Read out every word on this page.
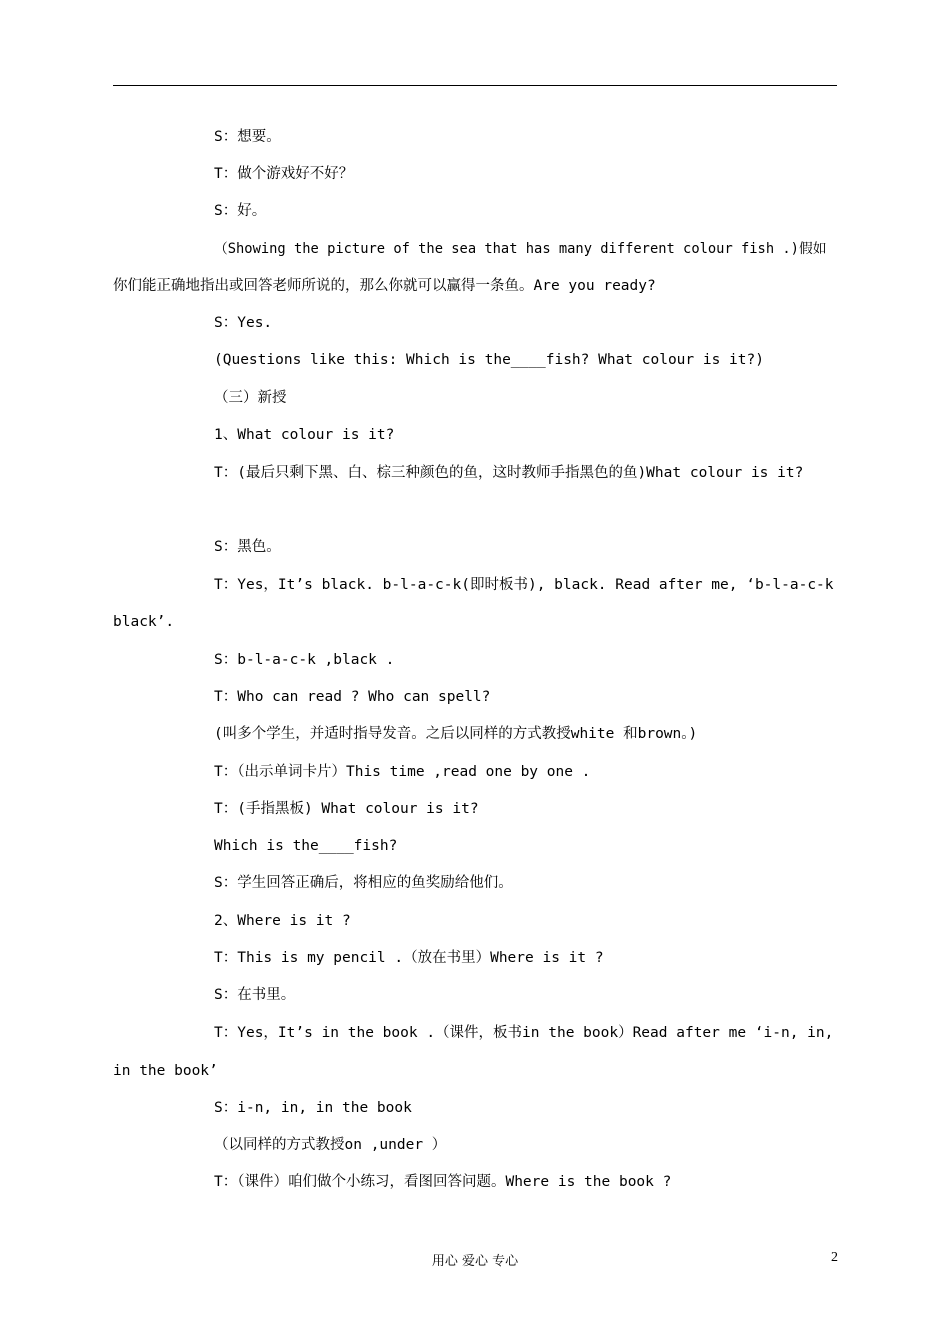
S：想要。
T：做个游戏好不好？
S：好。
（Showing the picture of the sea that has many different colour fish .)假如
你们能正确地指出或回答老师所说的，那么你就可以赢得一条鱼。Are you ready?
S：Yes.
(Questions like this: Which is the____fish? What colour is it?)
（三）新授
1、What colour is it?
T：(最后只剩下黑、白、棕三种颜色的鱼，这时教师手指黑色的鱼)What colour is it?
S：黑色。
T：Yes，It’s black. b-l-a-c-k(即时板书), black. Read after me, ‘b-l-a-c-k
black’.
S：b-l-a-c-k ,black .
T：Who can read ? Who can spell?
(叫多个学生，并适时指导发音。之后以同样的方式教授white 和brown。)
T：（出示单词卡片）This time ,read one by one .
T：(手指黑板) What colour is it?
Which is the____fish?
S：学生回答正确后，将相应的鱼奖励给他们。
2、Where is it ?
T：This is my pencil .（放在书里）Where is it ?
S：在书里。
T：Yes，It’s in the book .（课件，板书in the book）Read after me ‘i-n, in,
in the book’
S：i-n, in, in the book
（以同样的方式教授on ,under ）
T：（课件）咱们做个小练习，看图回答问题。Where is the book ?
用心 爱心 专心	2
